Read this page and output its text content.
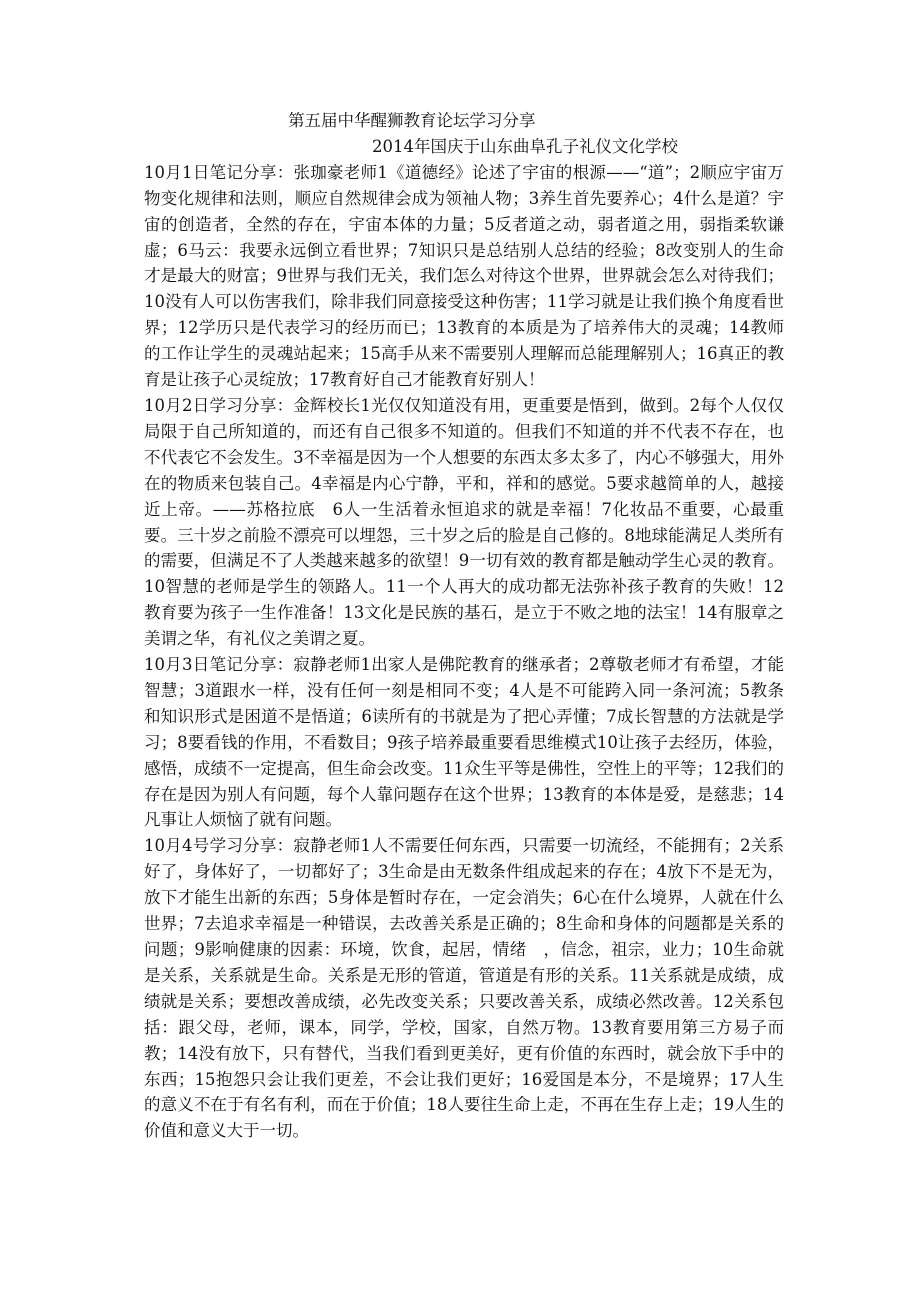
第五届中华醒狮教育论坛学习分享
2014年国庆于山东曲阜孔子礼仪文化学校

10月1日笔记分享：张珈豪老师1《道德经》论述了宇宙的根源——“道”；2顺应宇宙万物变化规律和法则，顺应自然规律会成为领袖人物；3养生首先要养心；4什么是道？宇宙的创造者，全然的存在，宇宙本体的力量；5反者道之动，弱者道之用，弱指柔软谦虚；6马云：我要永远倒立看世界；7知识只是总结别人总结的经验；8改变别人的生命才是最大的财富；9世界与我们无关，我们怎么对待这个世界，世界就会怎么对待我们；10没有人可以伤害我们，除非我们同意接受这种伤害；11学习就是让我们换个角度看世界；12学历只是代表学习的经历而已；13教育的本质是为了培养伟大的灵魂；14教师的工作让学生的灵魂站起来；15高手从来不需要别人理解而总能理解别人；16真正的教育是让孩子心灵绽放；17教育好自己才能教育好别人！

10月2日学习分享：金辉校长1光仅仅知道没有用，更重要是悟到，做到。2每个人仅仅局限于自己所知道的，而还有自己很多不知道的。但我们不知道的并不代表不存在，也不代表它不会发生。3不幸福是因为一个人想要的东西太多太多了，内心不够强大，用外在的物质来包装自己。4幸福是内心宁静，平和，祥和的感觉。5要求越简单的人，越接近上帝。——苏格拉底　6人一生活着永恒追求的就是幸福！7化妆品不重要，心最重要。三十岁之前脸不漂亮可以埋怨，三十岁之后的脸是自己修的。8地球能满足人类所有的需要，但满足不了人类越来越多的欲望！9一切有效的教育都是触动学生心灵的教育。10智慧的老师是学生的领路人。11一个人再大的成功都无法弥补孩子教育的失败！12教育要为孩子一生作准备！13文化是民族的基石，是立于不败之地的法宝！14有服章之美谓之华，有礼仪之美谓之夏。

10月3日笔记分享：寂静老师1出家人是佛陀教育的继承者；2尊敬老师才有希望，才能智慧；3道跟水一样，没有任何一刻是相同不变；4人是不可能跨入同一条河流；5教条和知识形式是困道不是悟道；6读所有的书就是为了把心弄懂；7成长智慧的方法就是学习；8要看钱的作用，不看数目；9孩子培养最重要看思维模式10让孩子去经历，体验，感悟，成绩不一定提高，但生命会改变。11众生平等是佛性，空性上的平等；12我们的存在是因为别人有问题，每个人靠问题存在这个世界；13教育的本体是爱，是慈悲；14凡事让人烦恼了就有问题。

10月4号学习分享：寂静老师1人不需要任何东西，只需要一切流经，不能拥有；2关系好了，身体好了，一切都好了；3生命是由无数条件组成起来的存在；4放下不是无为，放下才能生出新的东西；5身体是暂时存在，一定会消失；6心在什么境界，人就在什么世界；7去追求幸福是一种错误，去改善关系是正确的；8生命和身体的问题都是关系的问题；9影响健康的因素：环境，饮食，起居，情绪　，信念，祖宗，业力；10生命就是关系，关系就是生命。关系是无形的管道，管道是有形的关系。11关系就是成绩，成绩就是关系；要想改善成绩，必先改变关系；只要改善关系，成绩必然改善。12关系包括：跟父母，老师，课本，同学，学校，国家，自然万物。13教育要用第三方易子而教；14没有放下，只有替代，当我们看到更美好，更有价值的东西时，就会放下手中的东西；15抱怨只会让我们更差，不会让我们更好；16爱国是本分，不是境界；17人生的意义不在于有名有利，而在于价值；18人要往生命上走，不再在生存上走；19人生的价值和意义大于一切。
